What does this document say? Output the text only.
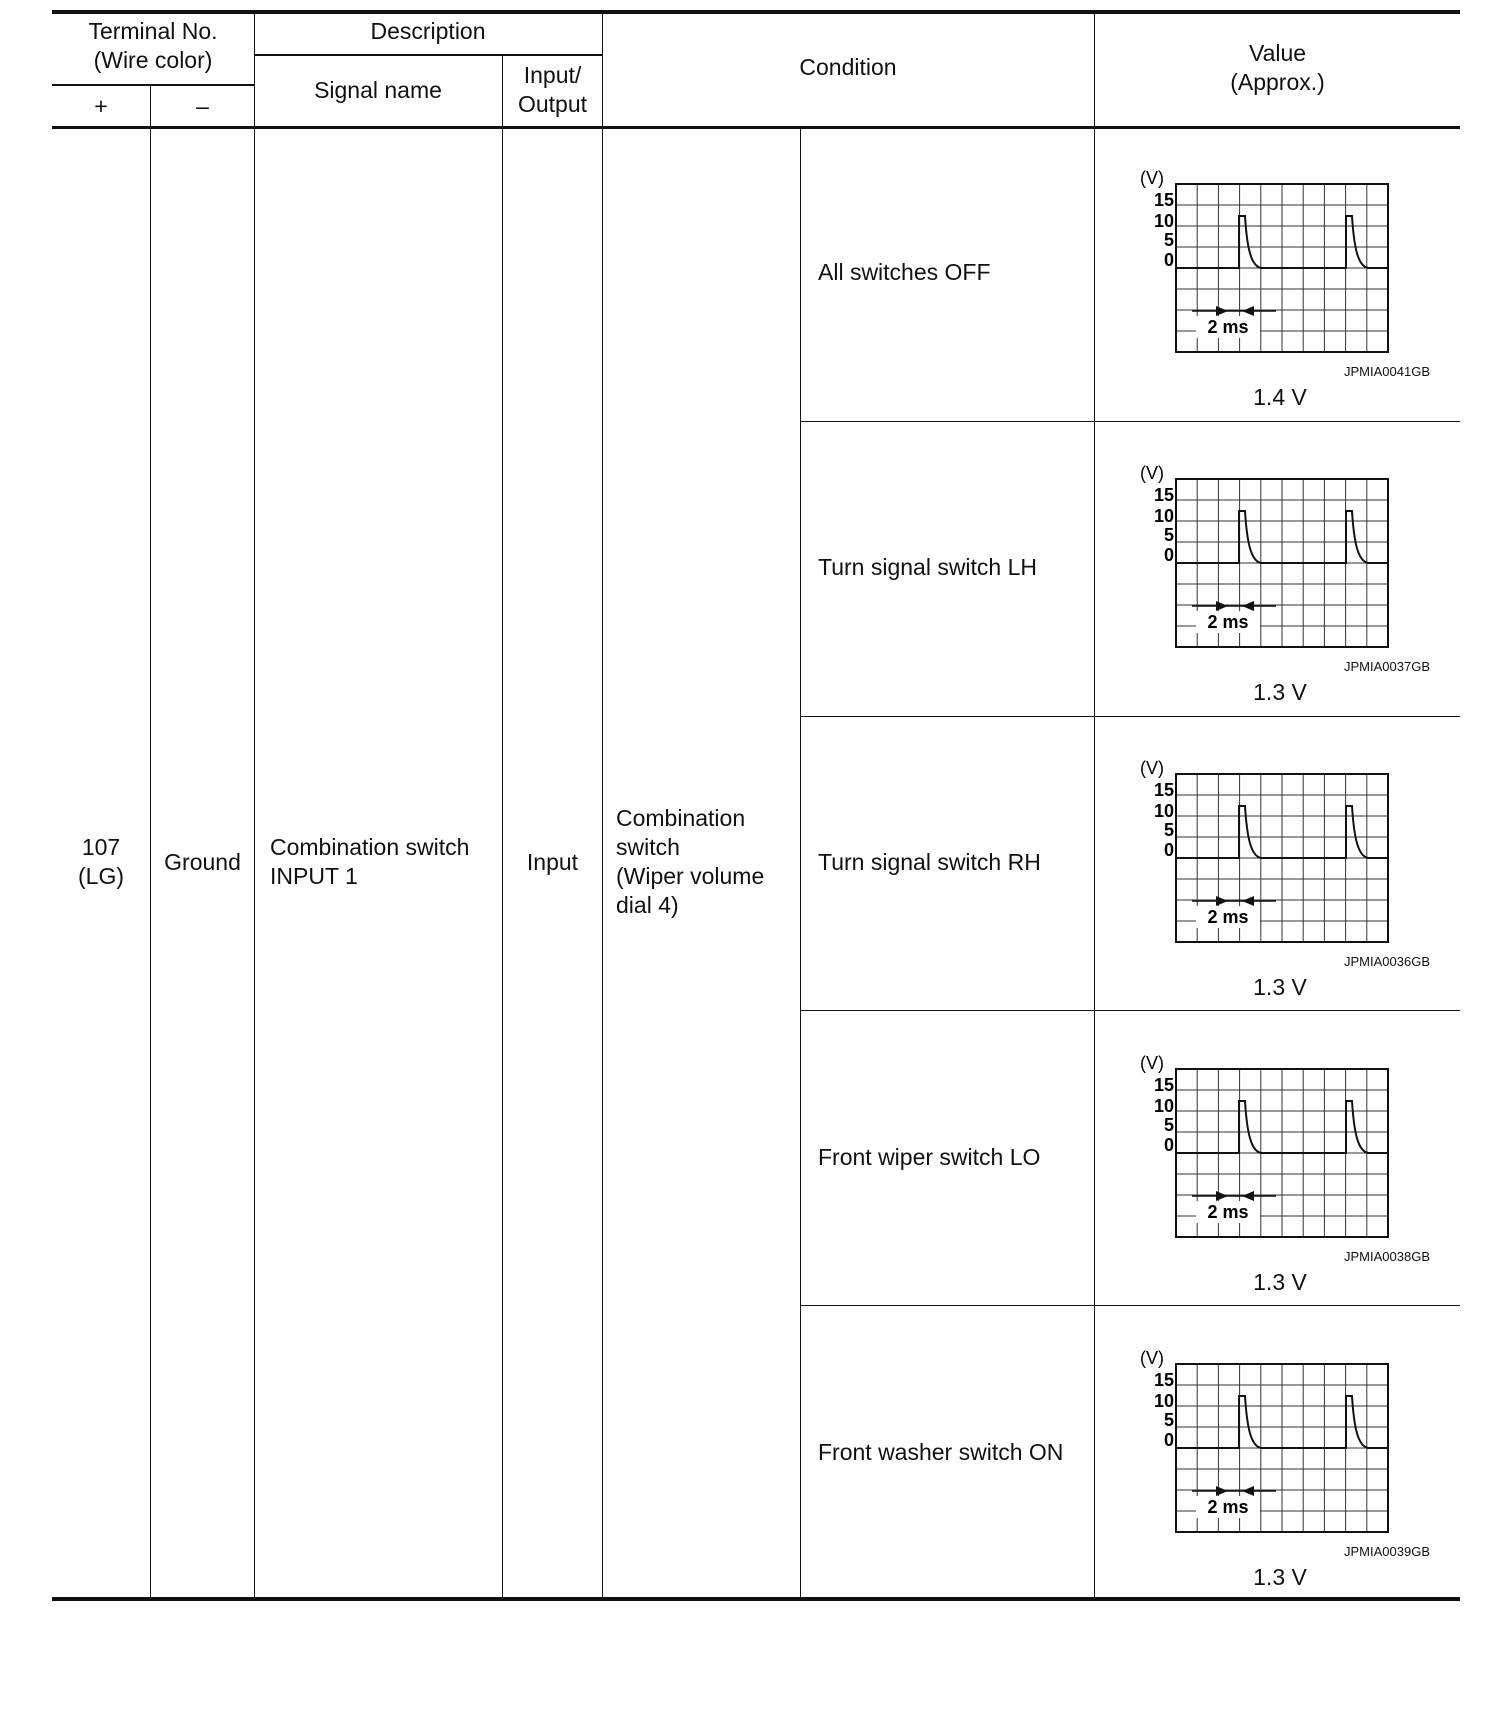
Terminal No.
(Wire color)
+	–
Description
Signal name
Input/
Output
Condition
Value
(Approx.)
107
(LG)
Ground
Combination switch
INPUT 1
Input
Combination
switch
(Wiper volume
dial 4)
All switches OFF
(V)
15
10
5
0
2 ms
JPMIA0041GB
1.4 V
Turn signal switch LH
(V)
15
10
5
0
2 ms
JPMIA0037GB
1.3 V
Turn signal switch RH
(V)
15
10
5
0
2 ms
JPMIA0036GB
1.3 V
Front wiper switch LO
(V)
15
10
5
0
2 ms
JPMIA0038GB
1.3 V
Front washer switch ON
(V)
15
10
5
0
2 ms
JPMIA0039GB
1.3 V
